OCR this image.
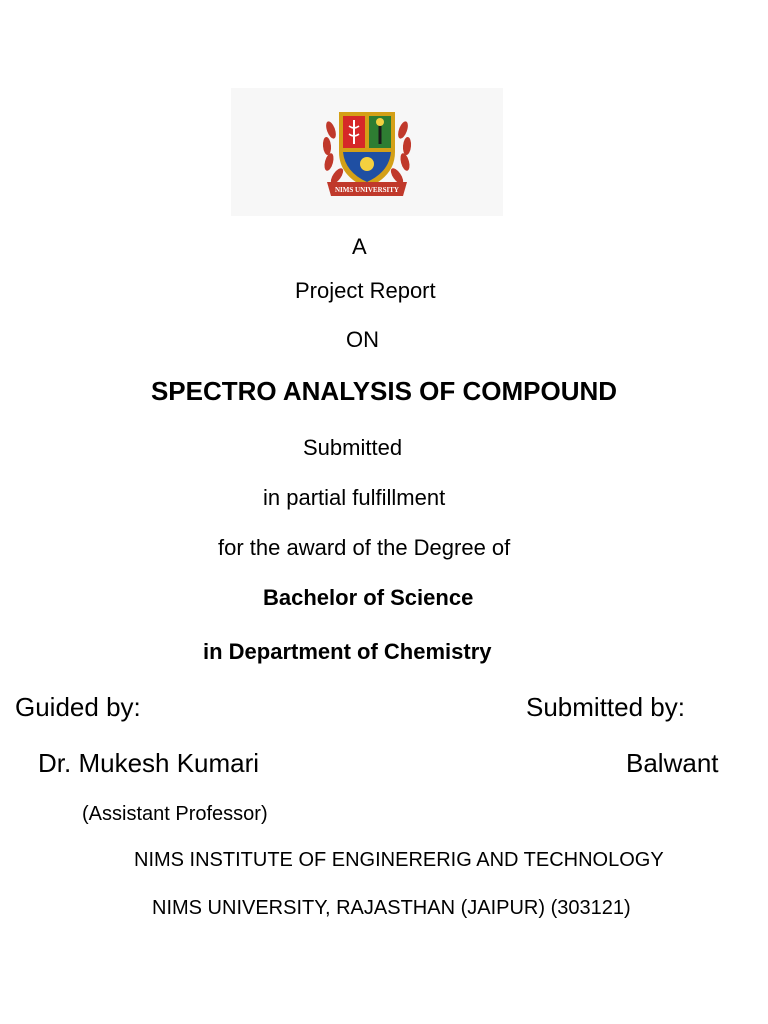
NIMS UNIVERSITY
A
Project Report
ON
SPECTRO ANALYSIS OF COMPOUND
Submitted
in partial fulfillment
for the award of the Degree of
Bachelor of Science
in Department of Chemistry
Guided by:	Submitted by:
Dr. Mukesh Kumari	Balwant
(Assistant Professor)
NIMS INSTITUTE OF ENGINERERIG AND TECHNOLOGY
NIMS UNIVERSITY, RAJASTHAN (JAIPUR) (303121)
